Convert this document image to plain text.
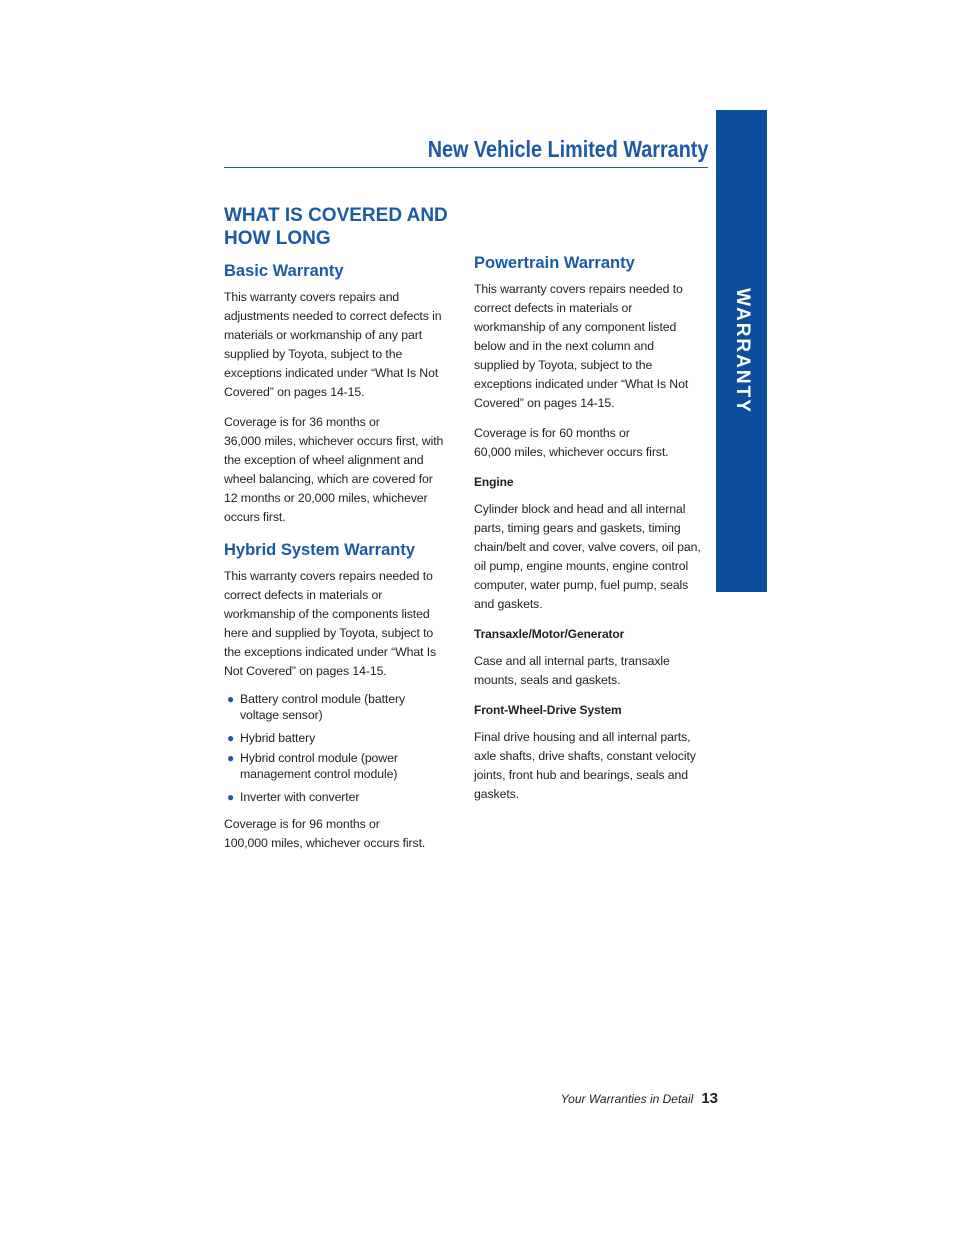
WARRANTY
New Vehicle Limited Warranty
WHAT IS COVERED AND
HOW LONG
Basic Warranty

This warranty covers repairs and
adjustments needed to correct defects in
materials or workmanship of any part
supplied by Toyota, subject to the
exceptions indicated under “What Is Not
Covered” on pages 14-15.

Coverage is for 36 months or
36,000 miles, whichever occurs first, with
the exception of wheel alignment and
wheel balancing, which are covered for
12 months or 20,000 miles, whichever
occurs first.

Hybrid System Warranty

This warranty covers repairs needed to
correct defects in materials or
workmanship of the components listed
here and supplied by Toyota, subject to
the exceptions indicated under “What Is
Not Covered” on pages 14-15.

● Battery control module (battery
voltage sensor)
● Hybrid battery
● Hybrid control module (power
management control module)
● Inverter with converter

Coverage is for 96 months or
100,000 miles, whichever occurs first.

Powertrain Warranty

This warranty covers repairs needed to
correct defects in materials or
workmanship of any component listed
below and in the next column and
supplied by Toyota, subject to the
exceptions indicated under “What Is Not
Covered” on pages 14-15.

Coverage is for 60 months or
60,000 miles, whichever occurs first.

Engine

Cylinder block and head and all internal
parts, timing gears and gaskets, timing
chain/belt and cover, valve covers, oil pan,
oil pump, engine mounts, engine control
computer, water pump, fuel pump, seals
and gaskets.

Transaxle/Motor/Generator

Case and all internal parts, transaxle
mounts, seals and gaskets.

Front-Wheel-Drive System

Final drive housing and all internal parts,
axle shafts, drive shafts, constant velocity
joints, front hub and bearings, seals and
gaskets.

Your Warranties in Detail 13
